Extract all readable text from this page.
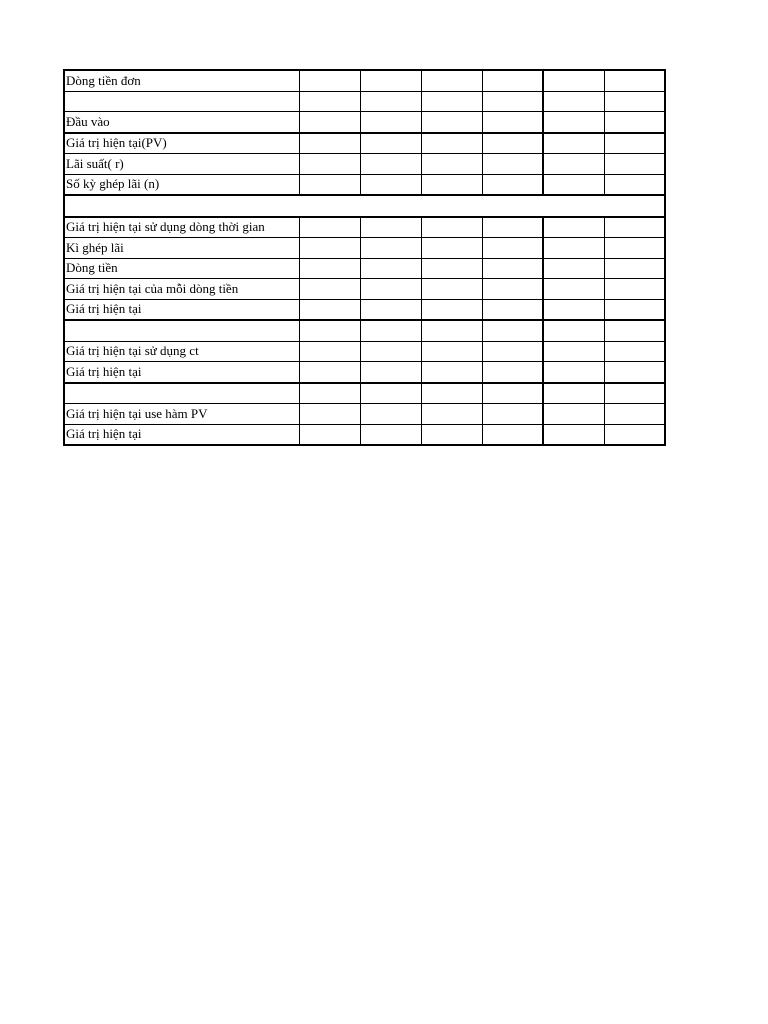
Dòng tiền đơn						

Đầu vào						
Giá trị hiện tại(PV)						
Lãi suất( r)						
Số kỳ ghép lãi (n)						

Giá trị hiện tại sử dụng dòng thời gian						
Kì ghép lãi						
Dòng tiền						
Giá trị hiện tại của mỗi dòng tiền						
Giá trị hiện tại						

Giá trị hiện tại sử dụng ct						
Giá trị hiện tại						

Giá trị hiện tại use hàm PV						
Giá trị hiện tại						
